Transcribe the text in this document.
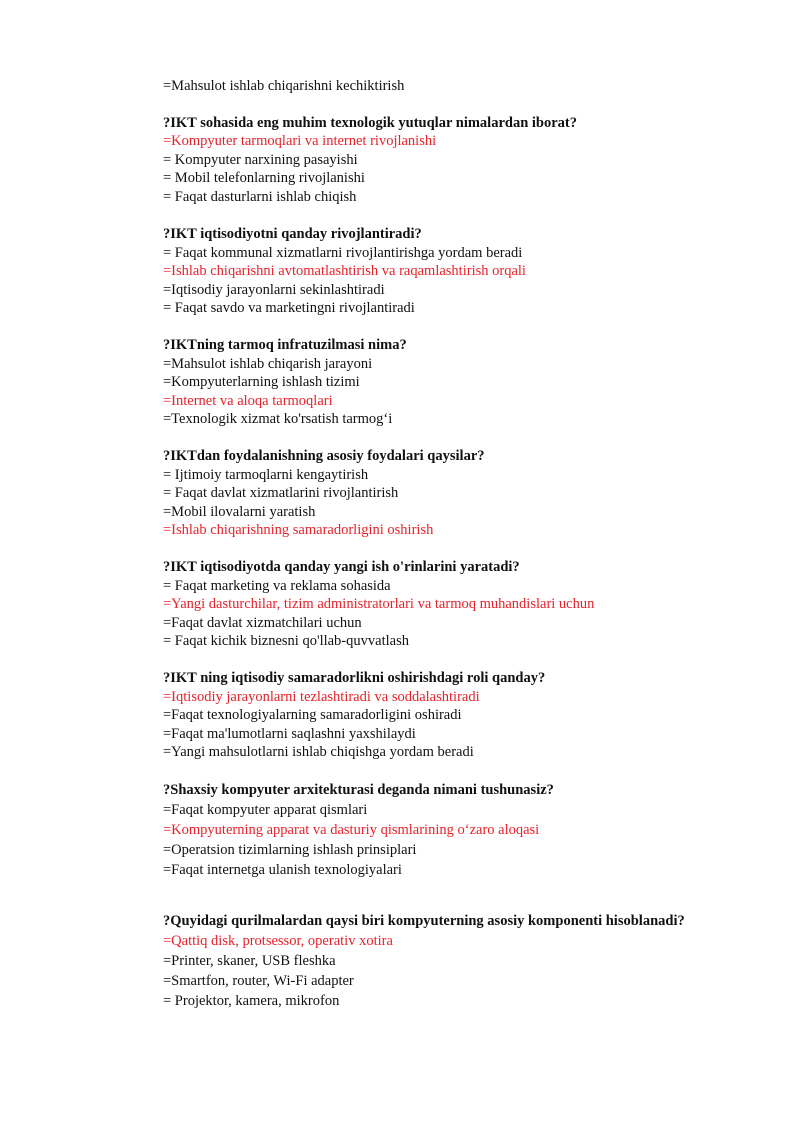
=Mahsulot ishlab chiqarishni kechiktirish
?IKT sohasida eng muhim texnologik yutuqlar nimalardan iborat?
=Kompyuter tarmoqlari va internet rivojlanishi
= Kompyuter narxining pasayishi
= Mobil telefonlarning rivojlanishi
= Faqat dasturlarni ishlab chiqish
?IKT iqtisodiyotni qanday rivojlantiradi?
= Faqat kommunal xizmatlarni rivojlantirishga yordam beradi
=Ishlab chiqarishni avtomatlashtirish va raqamlashtirish orqali
=Iqtisodiy jarayonlarni sekinlashtiradi
= Faqat savdo va marketingni rivojlantiradi
?IKTning tarmoq infratuzilmasi nima?
=Mahsulot ishlab chiqarish jarayoni
=Kompyuterlarning ishlash tizimi
=Internet va aloqa tarmoqlari
=Texnologik xizmat ko'rsatish tarmog‘i
?IKTdan foydalanishning asosiy foydalari qaysilar?
= Ijtimoiy tarmoqlarni kengaytirish
= Faqat davlat xizmatlarini rivojlantirish
=Mobil ilovalarni yaratish
=Ishlab chiqarishning samaradorligini oshirish
?IKT iqtisodiyotda qanday yangi ish o'rinlarini yaratadi?
= Faqat marketing va reklama sohasida
=Yangi dasturchilar, tizim administratorlari va tarmoq muhandislari uchun
=Faqat davlat xizmatchilari uchun
= Faqat kichik biznesni qo'llab-quvvatlash
?IKT ning iqtisodiy samaradorlikni oshirishdagi roli qanday?
=Iqtisodiy jarayonlarni tezlashtiradi va soddalashtiradi
=Faqat texnologiyalarning samaradorligini oshiradi
=Faqat ma'lumotlarni saqlashni yaxshilaydi
=Yangi mahsulotlarni ishlab chiqishga yordam beradi
?Shaxsiy kompyuter arxitekturasi deganda nimani tushunasiz?
=Faqat kompyuter apparat qismlari
=Kompyuterning apparat va dasturiy qismlarining o‘zaro aloqasi
=Operatsion tizimlarning ishlash prinsiplari
=Faqat internetga ulanish texnologiyalari
?Quyidagi qurilmalardan qaysi biri kompyuterning asosiy komponenti hisoblanadi?
=Qattiq disk, protsessor, operativ xotira
=Printer, skaner, USB fleshka
=Smartfon, router, Wi-Fi adapter
= Projektor, kamera, mikrofon
